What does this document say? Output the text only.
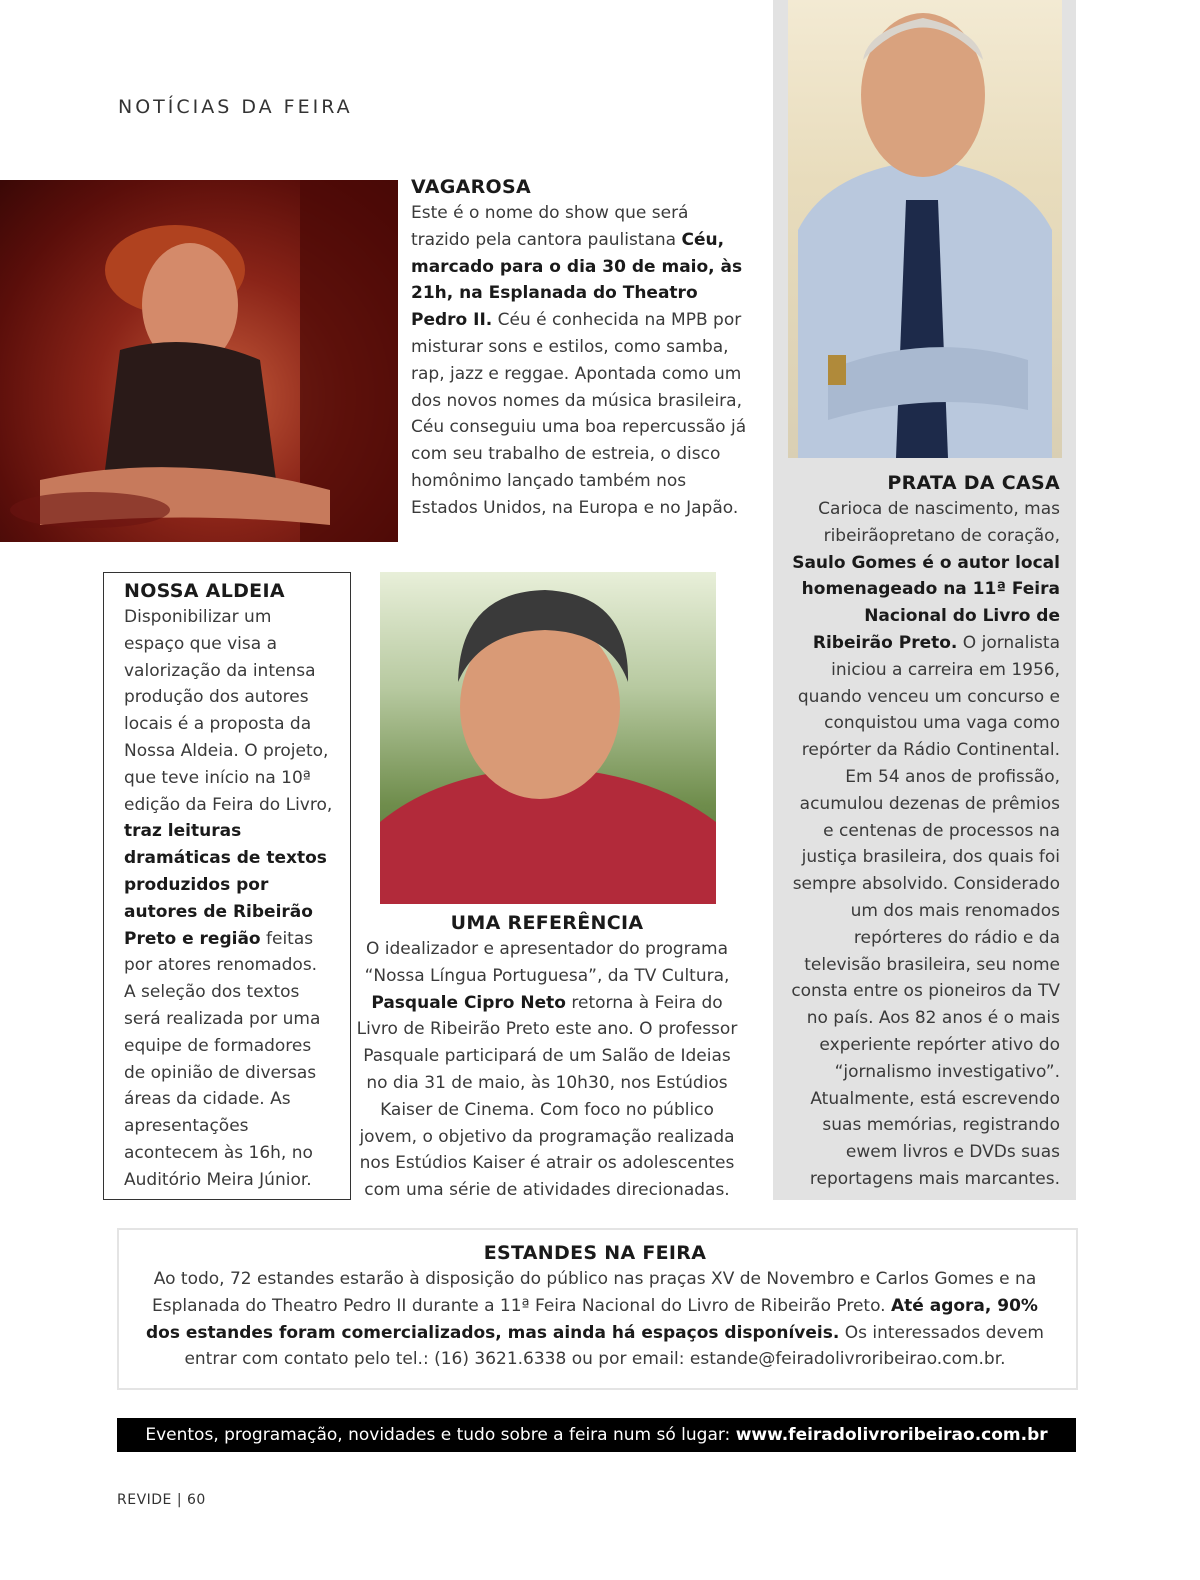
NOTÍCIAS DA FEIRA
VAGAROSA

Este é o nome do show que será trazido pela cantora paulistana Céu, marcado para o dia 30 de maio, às 21h, na Esplanada do Theatro Pedro II. Céu é conhecida na MPB por misturar sons e estilos, como samba, rap, jazz e reggae. Apontada como um dos novos nomes da música brasileira, Céu conseguiu uma boa repercussão já com seu trabalho de estreia, o disco homônimo lançado também nos Estados Unidos, na Europa e no Japão.

PRATA DA CASA

Carioca de nascimento, mas ribeirãopretano de coração, Saulo Gomes é o autor local homenageado na 11ª Feira Nacional do Livro de Ribeirão Preto. O jornalista iniciou a carreira em 1956, quando venceu um concurso e conquistou uma vaga como repórter da Rádio Continental. Em 54 anos de profissão, acumulou dezenas de prêmios e centenas de processos na justiça brasileira, dos quais foi sempre absolvido. Considerado um dos mais renomados repórteres do rádio e da televisão brasileira, seu nome consta entre os pioneiros da TV no país. Aos 82 anos é o mais experiente repórter ativo do “jornalismo investigativo”. Atualmente, está escrevendo suas memórias, registrando ewem livros e DVDs suas reportagens mais marcantes.

NOSSA ALDEIA

Disponibilizar um espaço que visa a valorização da intensa produção dos autores locais é a proposta da Nossa Aldeia. O projeto, que teve início na 10ª edição da Feira do Livro, traz leituras dramáticas de textos produzidos por autores de Ribeirão Preto e região feitas por atores renomados. A seleção dos textos será realizada por uma equipe de formadores de opinião de diversas áreas da cidade. As apresentações acontecem às 16h, no Auditório Meira Júnior.

UMA REFERÊNCIA

O idealizador e apresentador do programa “Nossa Língua Portuguesa”, da TV Cultura, Pasquale Cipro Neto retorna à Feira do Livro de Ribeirão Preto este ano. O professor Pasquale participará de um Salão de Ideias no dia 31 de maio, às 10h30, nos Estúdios Kaiser de Cinema. Com foco no público jovem, o objetivo da programação realizada nos Estúdios Kaiser é atrair os adolescentes com uma série de atividades direcionadas.

ESTANDES NA FEIRA

Ao todo, 72 estandes estarão à disposição do público nas praças XV de Novembro e Carlos Gomes e na Esplanada do Theatro Pedro II durante a 11ª Feira Nacional do Livro de Ribeirão Preto. Até agora, 90% dos estandes foram comercializados, mas ainda há espaços disponíveis. Os interessados devem entrar com contato pelo tel.: (16) 3621.6338 ou por email: estande@feiradolivroribeirao.com.br.

Eventos, programação, novidades e tudo sobre a feira num só lugar: www.feiradolivroribeirao.com.br
REVIDE | 60
